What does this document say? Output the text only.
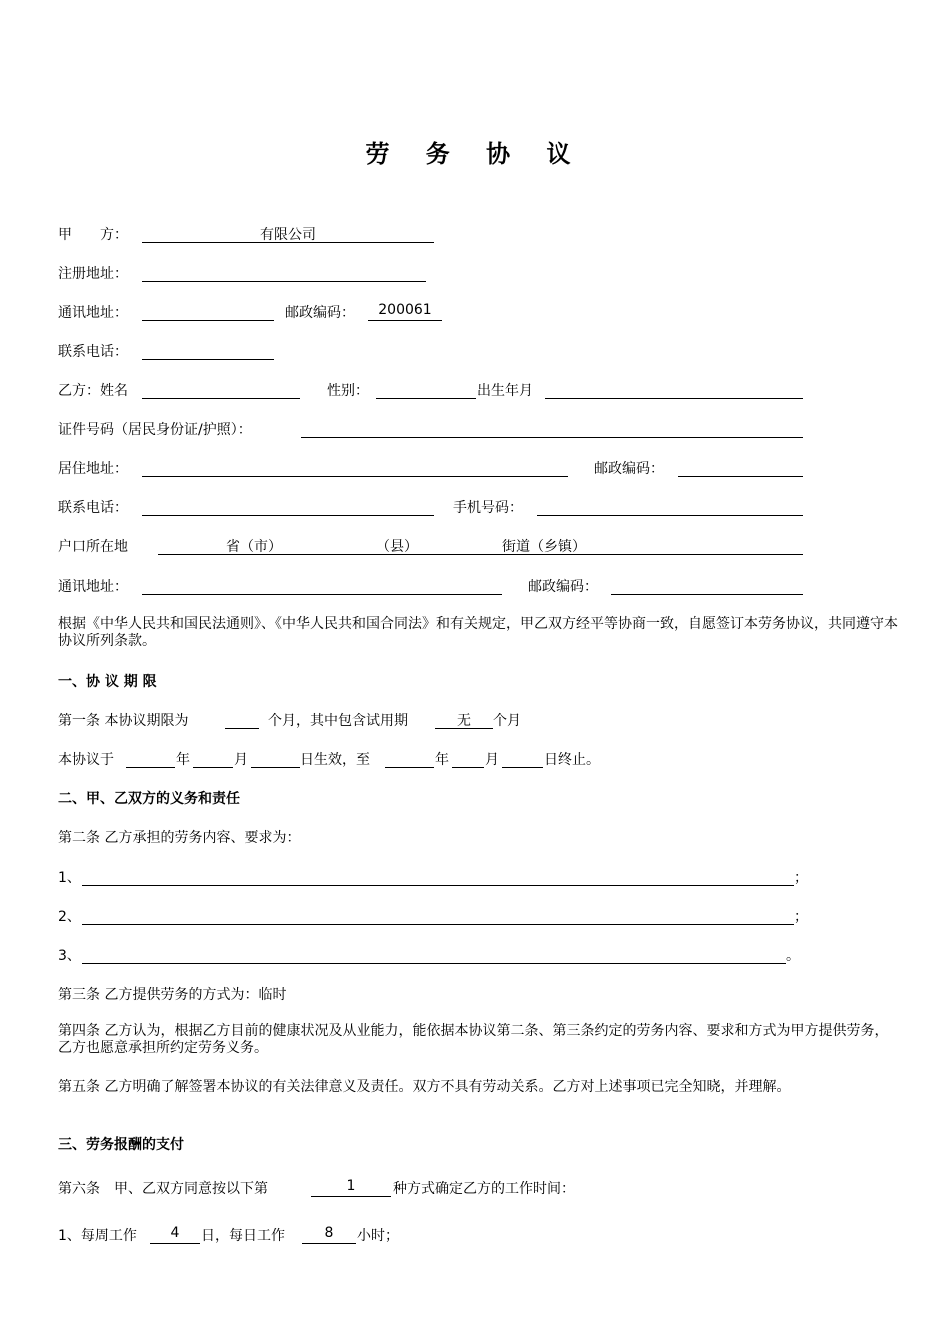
劳 务 协 议
甲　　方：	有限公司
注册地址：
通讯地址：	邮政编码：	200061
联系电话：
乙方：姓名	性别：	出生年月
证件号码（居民身份证/护照）：
居住地址：	邮政编码：
联系电话：	手机号码：
户口所在地	省（市）	（县）	街道（乡镇）
通讯地址：	邮政编码：
根据《中华人民共和国民法通则》、《中华人民共和国合同法》和有关规定，甲乙双方经平等协商一致，自愿签订本劳务协议，共同遵守本协议所列条款。
一、协 议 期 限
第一条 本协议期限为	个月，其中包含试用期	无	个月
本协议于	年	月	日生效，至	年	月	日终止。
二、甲、乙双方的义务和责任
第二条 乙方承担的劳务内容、要求为：
1、	；
2、	；
3、	。
第三条 乙方提供劳务的方式为：临时
第四条 乙方认为，根据乙方目前的健康状况及从业能力，能依据本协议第二条、第三条约定的劳务内容、要求和方式为甲方提供劳务，乙方也愿意承担所约定劳务义务。
第五条 乙方明确了解签署本协议的有关法律意义及责任。双方不具有劳动关系。乙方对上述事项已完全知晓，并理解。
三、劳务报酬的支付
第六条　甲、乙双方同意按以下第	1	种方式确定乙方的工作时间：
1、每周工作	4	日，每日工作	8	小时；
